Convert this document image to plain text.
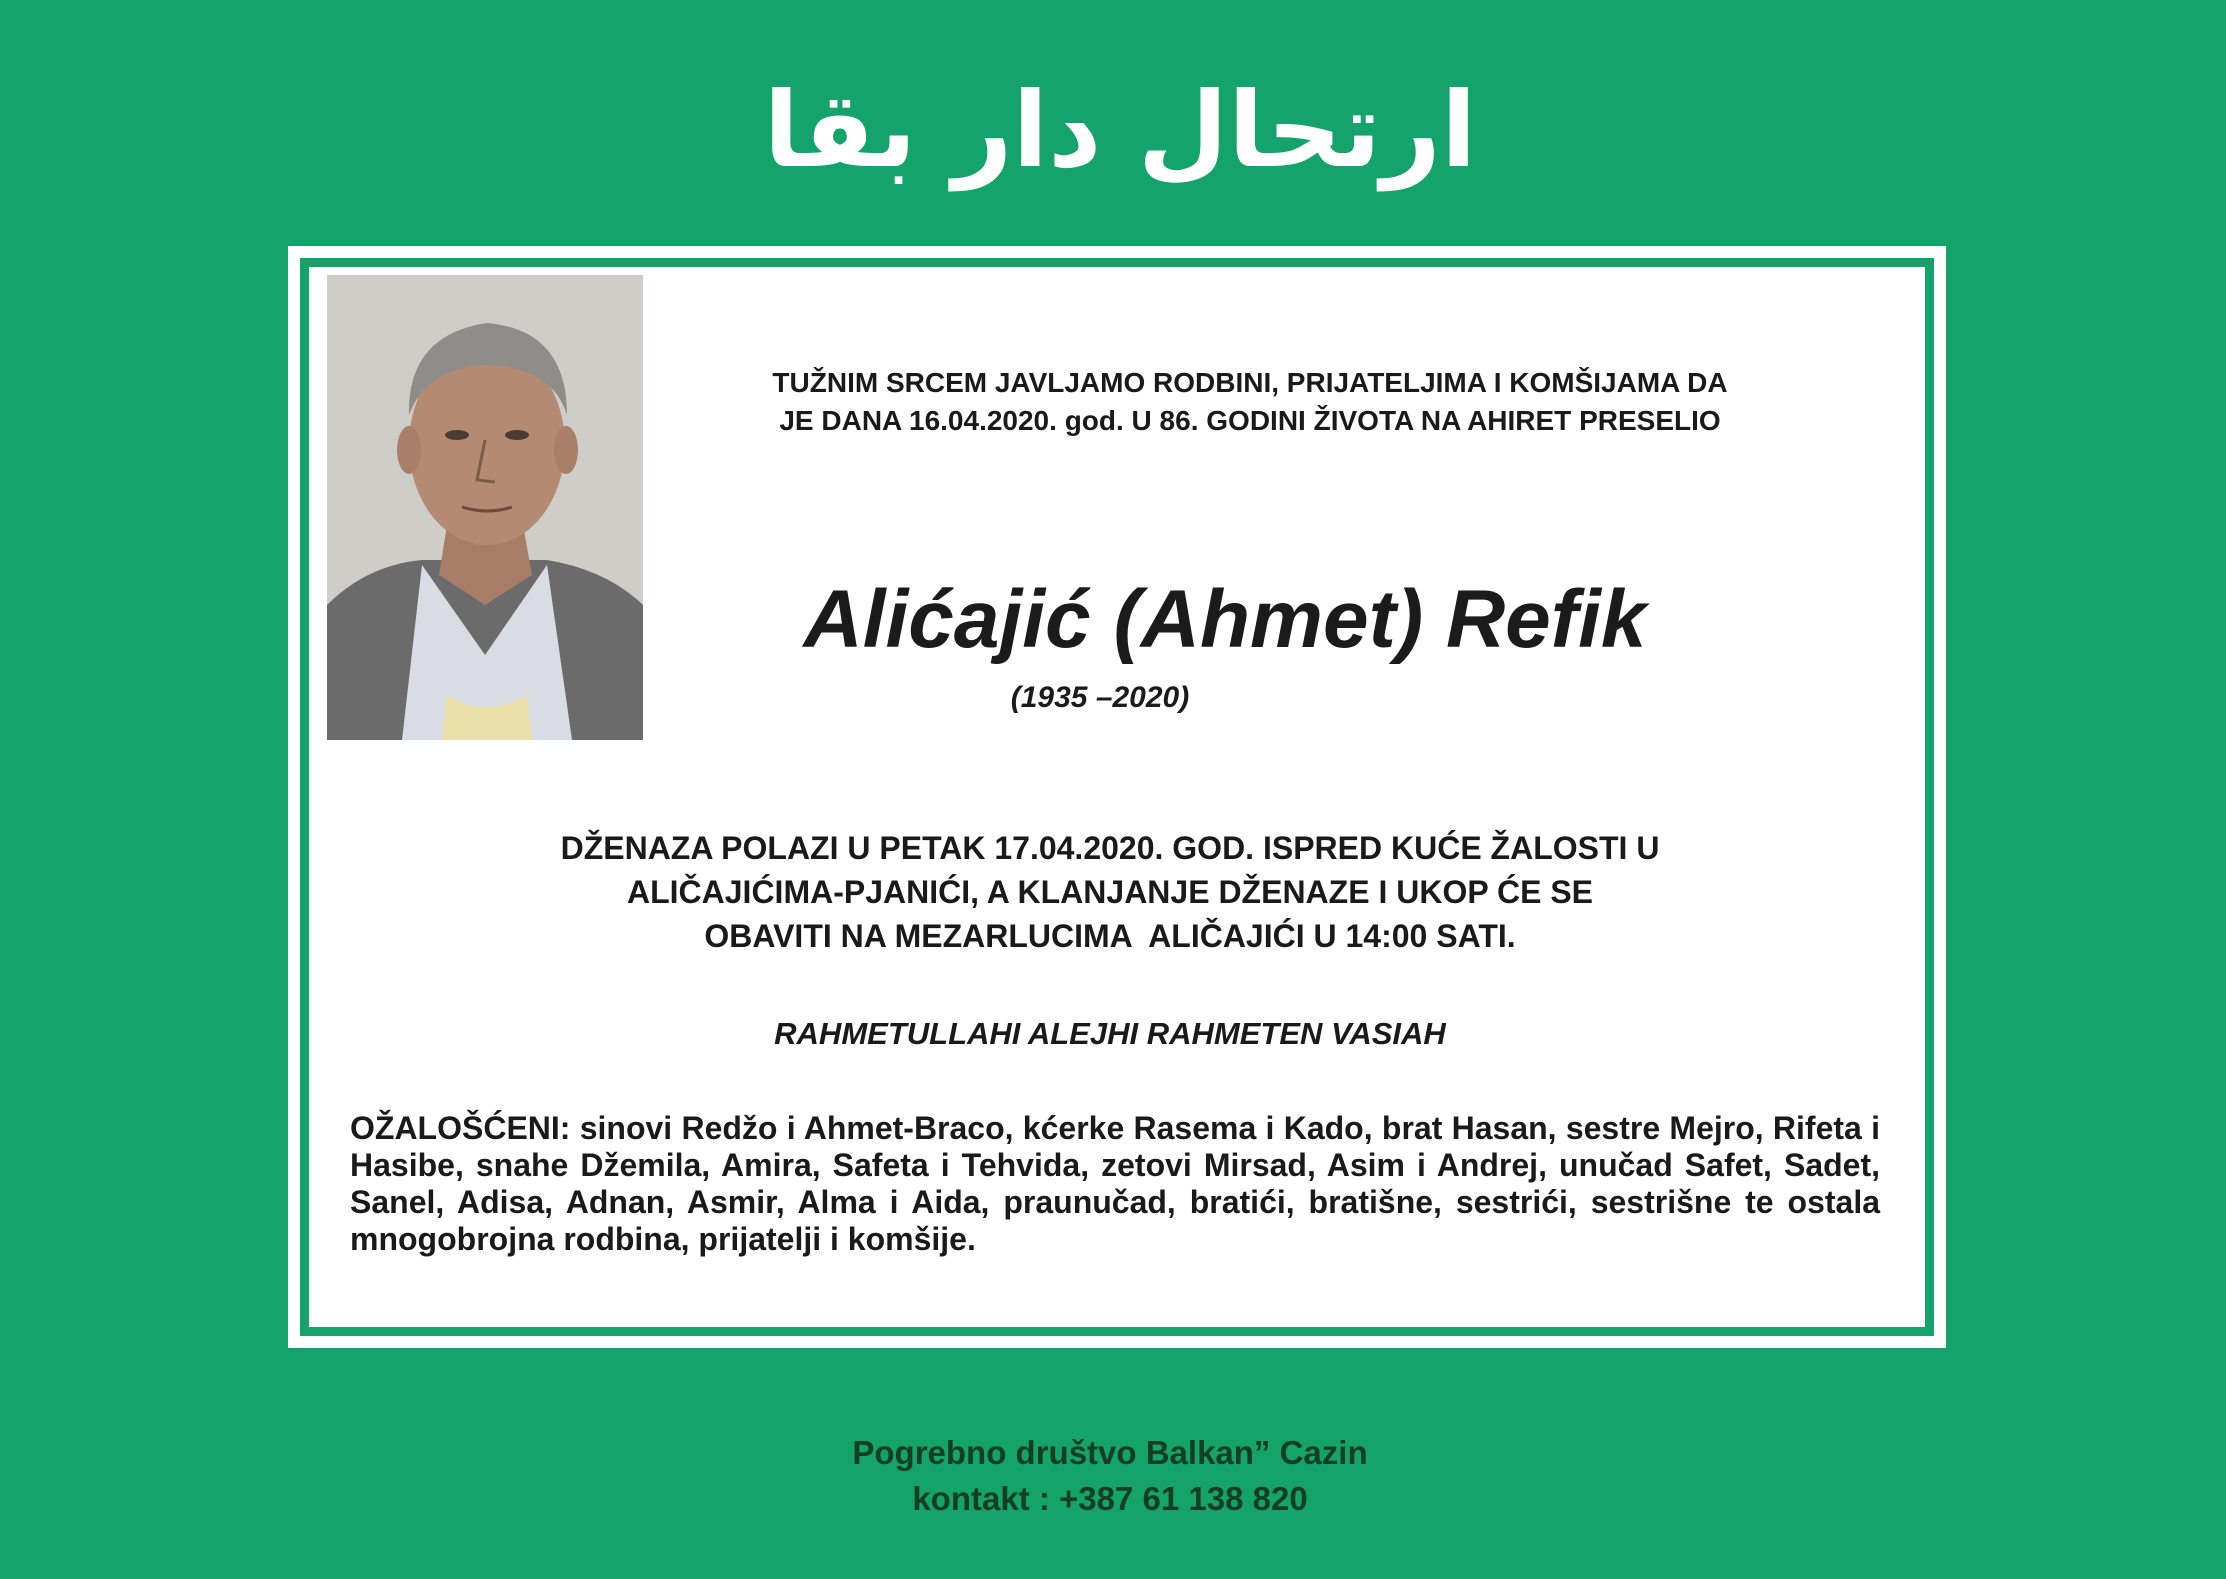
ارتحال دار بقا
TUŽNIM SRCEM JAVLJAMO RODBINI, PRIJATELJIMA I KOMŠIJAMA DA
JE DANA 16.04.2020. god. U 86. GODINI ŽIVOTA NA AHIRET PRESELIO
Alićajić (Ahmet) Refik
(1935 –2020)
DŽENAZA POLAZI U PETAK 17.04.2020. GOD. ISPRED KUĆE ŽALOSTI U
ALIČAJIĆIMA-PJANIĆI, A KLANJANJE DŽENAZE I UKOP ĆE SE
OBAVITI NA MEZARLUCIMA  ALIČAJIĆI U 14:00 SATI.
RAHMETULLAHI ALEJHI RAHMETEN VASIAH
OŽALOŠĆENI: sinovi Redžo i Ahmet-Braco, kćerke Rasema i Kado, brat Hasan, sestre Mejro, Rifeta i Hasibe, snahe Džemila, Amira, Safeta i Tehvida, zetovi Mirsad, Asim i Andrej, unučad Safet, Sadet, Sanel, Adisa, Adnan, Asmir, Alma i Aida, praunučad, bratići, bratišne, sestrići, sestrišne te ostala mnogobrojna rodbina, prijatelji i komšije.
Pogrebno društvo Balkan” Cazin
kontakt : +387 61 138 820
